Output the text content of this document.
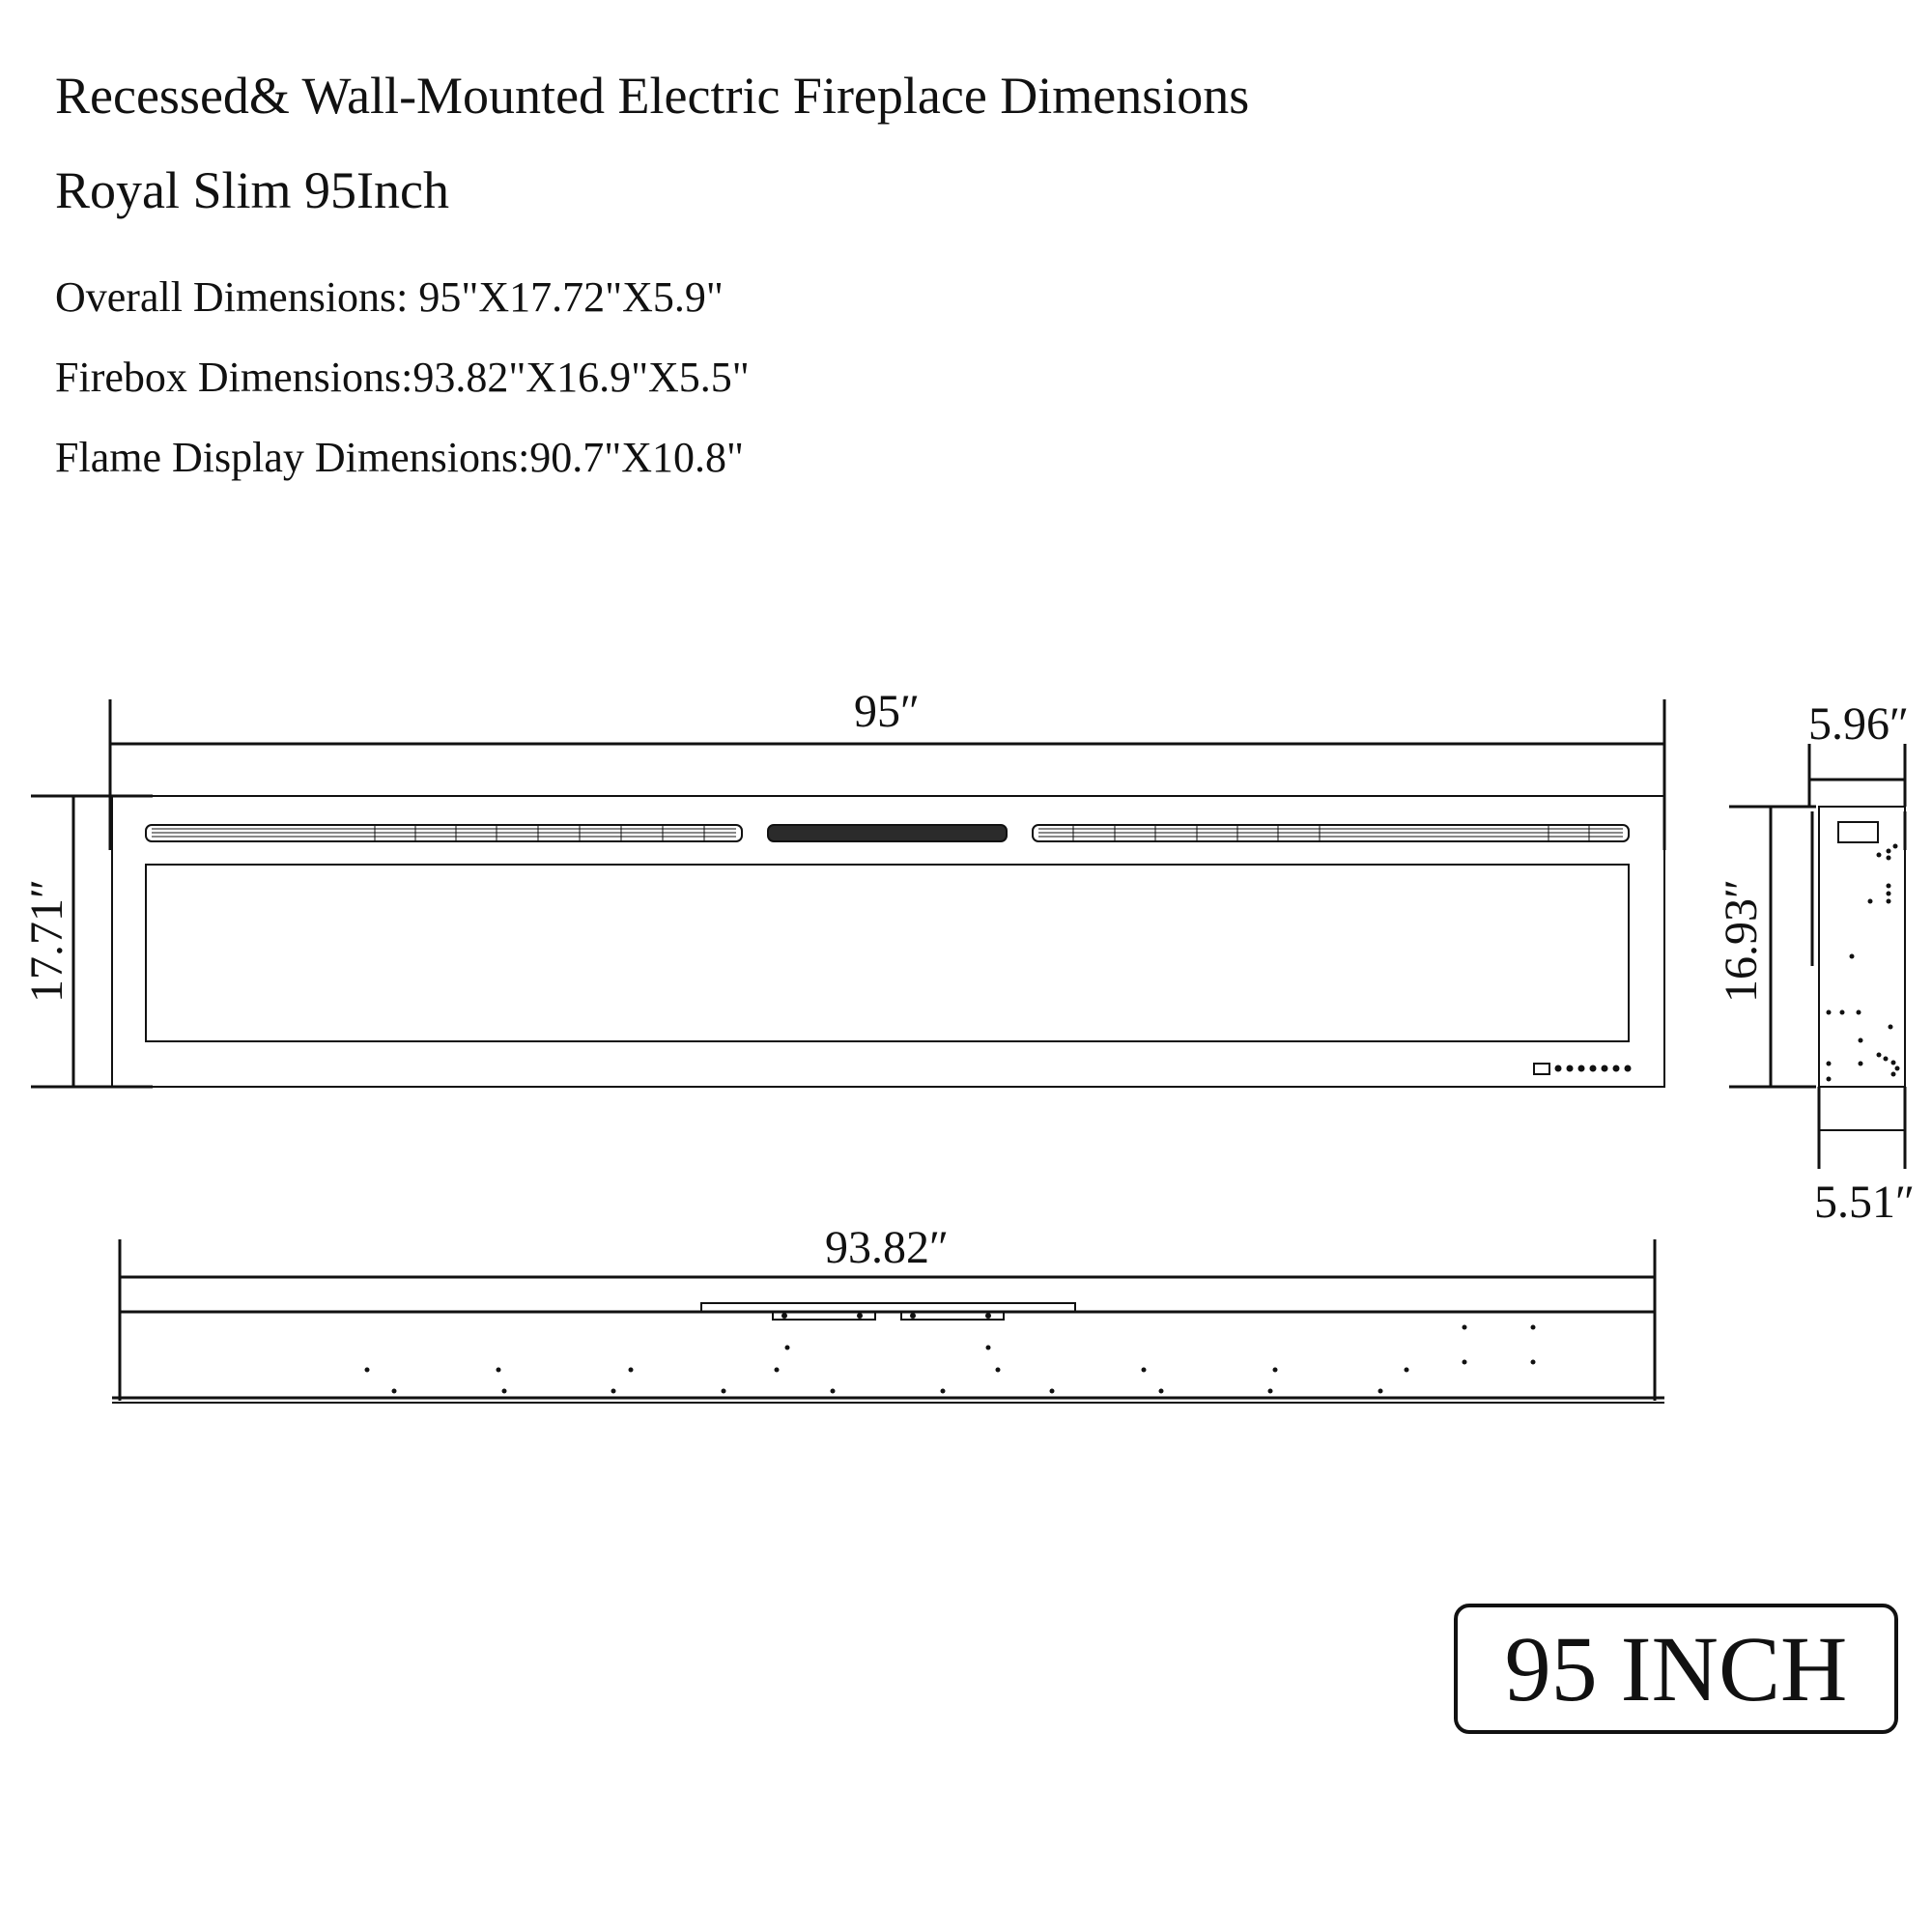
Recessed& Wall-Mounted Electric Fireplace Dimensions
Royal Slim 95Inch

Overall Dimensions: 95"X17.72"X5.9"

Firebox Dimensions:93.82"X16.9"X5.5"

Flame Display Dimensions:90.7"X10.8"

95″
17.71″
5.96″
16.93″
5.51″
93.82″
95 INCH
